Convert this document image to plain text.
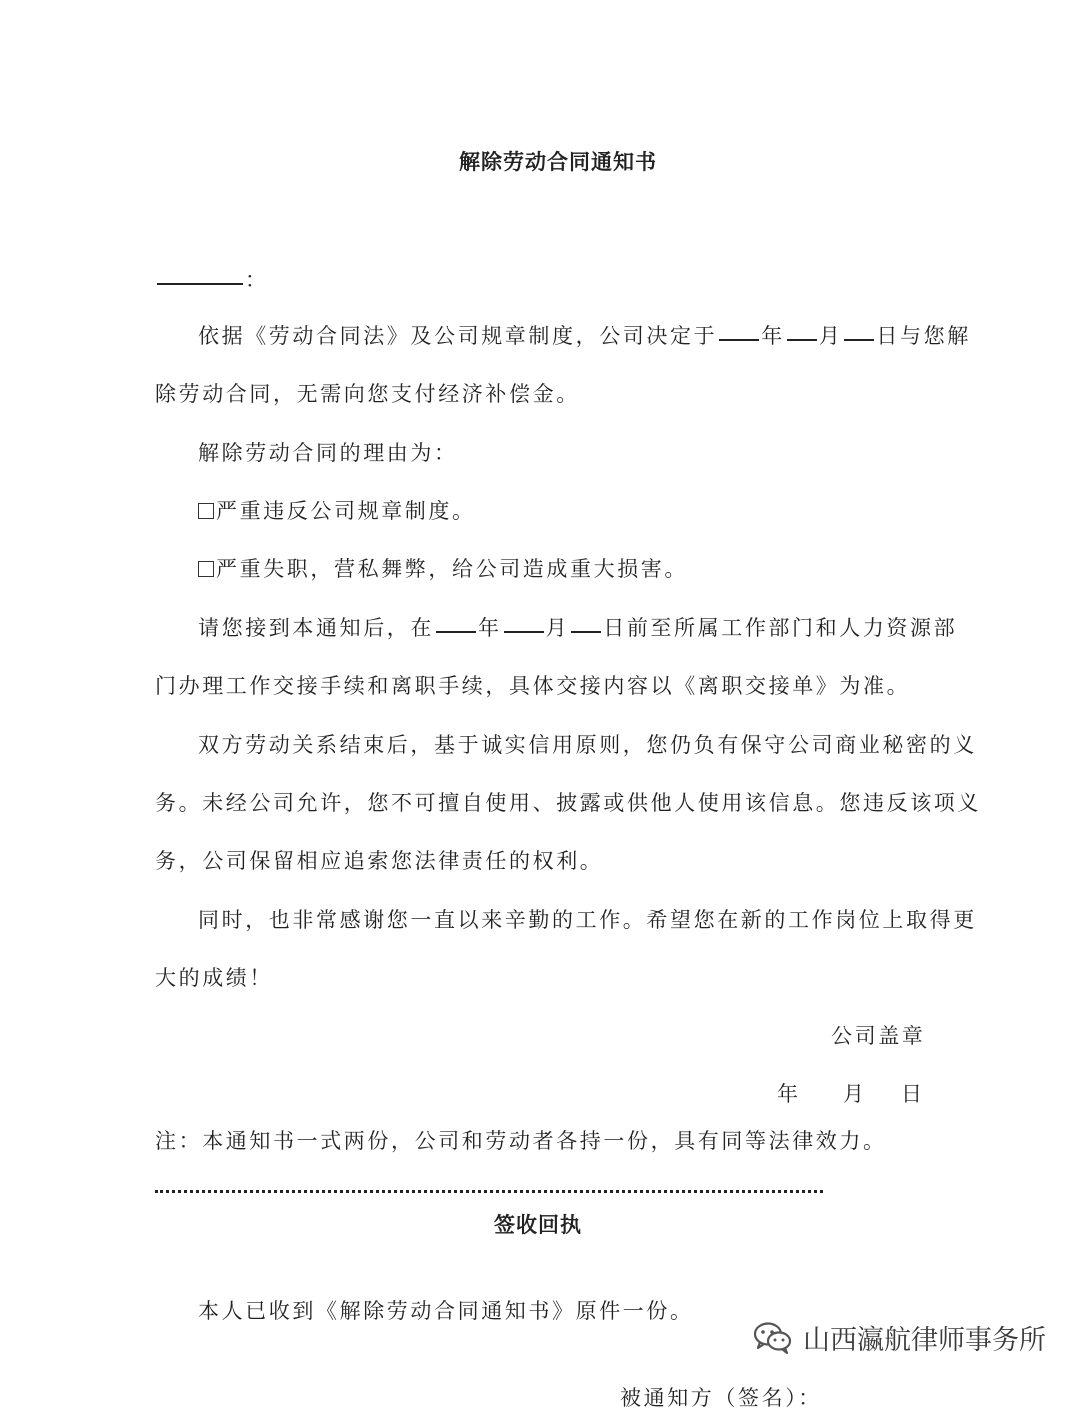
解除劳动合同通知书
：
依据《劳动合同法》及公司规章制度，公司决定于 年 月 日与您解
除劳动合同，无需向您支付经济补偿金。
解除劳动合同的理由为：
严重违反公司规章制度。
严重失职，营私舞弊，给公司造成重大损害。
请您接到本通知后，在 年 月 日前至所属工作部门和人力资源部
门办理工作交接手续和离职手续，具体交接内容以《离职交接单》为准。
双方劳动关系结束后，基于诚实信用原则，您仍负有保守公司商业秘密的义
务。未经公司允许，您不可擅自使用、披露或供他人使用该信息。您违反该项义
务，公司保留相应追索您法律责任的权利。
同时，也非常感谢您一直以来辛勤的工作。希望您在新的工作岗位上取得更
大的成绩！
公司盖章
年 月 日
注：本通知书一式两份，公司和劳动者各持一份，具有同等法律效力。
签收回执
本人已收到《解除劳动合同通知书》原件一份。
被通知方（签名）：
山西瀛航律师事务所
